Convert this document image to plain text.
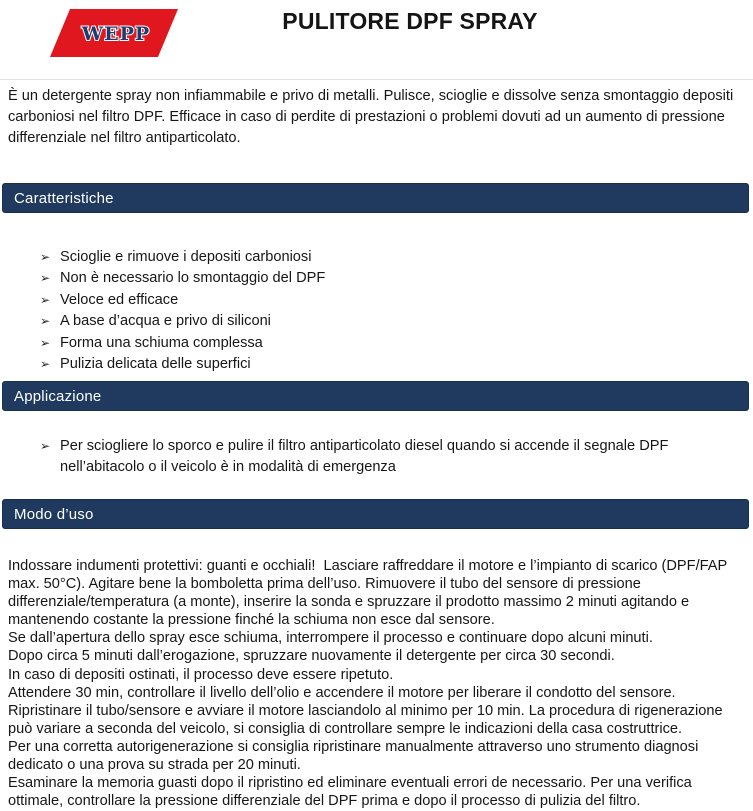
WEPP	PULITORE DPF SPRAY
È un detergente spray non infiammabile e privo di metalli. Pulisce, scioglie e dissolve senza smontaggio depositi carboniosi nel filtro DPF. Efficace in caso di perdite di prestazioni o problemi dovuti ad un aumento di pressione differenziale nel filtro antiparticolato.
Caratteristiche
➢ Scioglie e rimuove i depositi carboniosi
➢ Non è necessario lo smontaggio del DPF
➢ Veloce ed efficace
➢ A base d’acqua e privo di siliconi
➢ Forma una schiuma complessa
➢ Pulizia delicata delle superfici
Applicazione
➢ Per sciogliere lo sporco e pulire il filtro antiparticolato diesel quando si accende il segnale DPF nell’abitacolo o il veicolo è in modalità di emergenza
Modo d’uso

Indossare indumenti protettivi: guanti e occhiali!  Lasciare raffreddare il motore e l’impianto di scarico (DPF/FAP max. 50°C). Agitare bene la bomboletta prima dell’uso. Rimuovere il tubo del sensore di pressione differenziale/temperatura (a monte), inserire la sonda e spruzzare il prodotto massimo 2 minuti agitando e mantenendo costante la pressione finché la schiuma non esce dal sensore.

Se dall’apertura dello spray esce schiuma, interrompere il processo e continuare dopo alcuni minuti.

Dopo circa 5 minuti dall’erogazione, spruzzare nuovamente il detergente per circa 30 secondi.

In caso di depositi ostinati, il processo deve essere ripetuto.

Attendere 30 min, controllare il livello dell’olio e accendere il motore per liberare il condotto del sensore. Ripristinare il tubo/sensore e avviare il motore lasciandolo al minimo per 10 min. La procedura di rigenerazione può variare a seconda del veicolo, si consiglia di controllare sempre le indicazioni della casa costruttrice.

Per una corretta autorigenerazione si consiglia ripristinare manualmente attraverso uno strumento diagnosi dedicato o una prova su strada per 20 minuti.

Esaminare la memoria guasti dopo il ripristino ed eliminare eventuali errori de necessario. Per una verifica ottimale, controllare la pressione differenziale del DPF prima e dopo il processo di pulizia del filtro.
